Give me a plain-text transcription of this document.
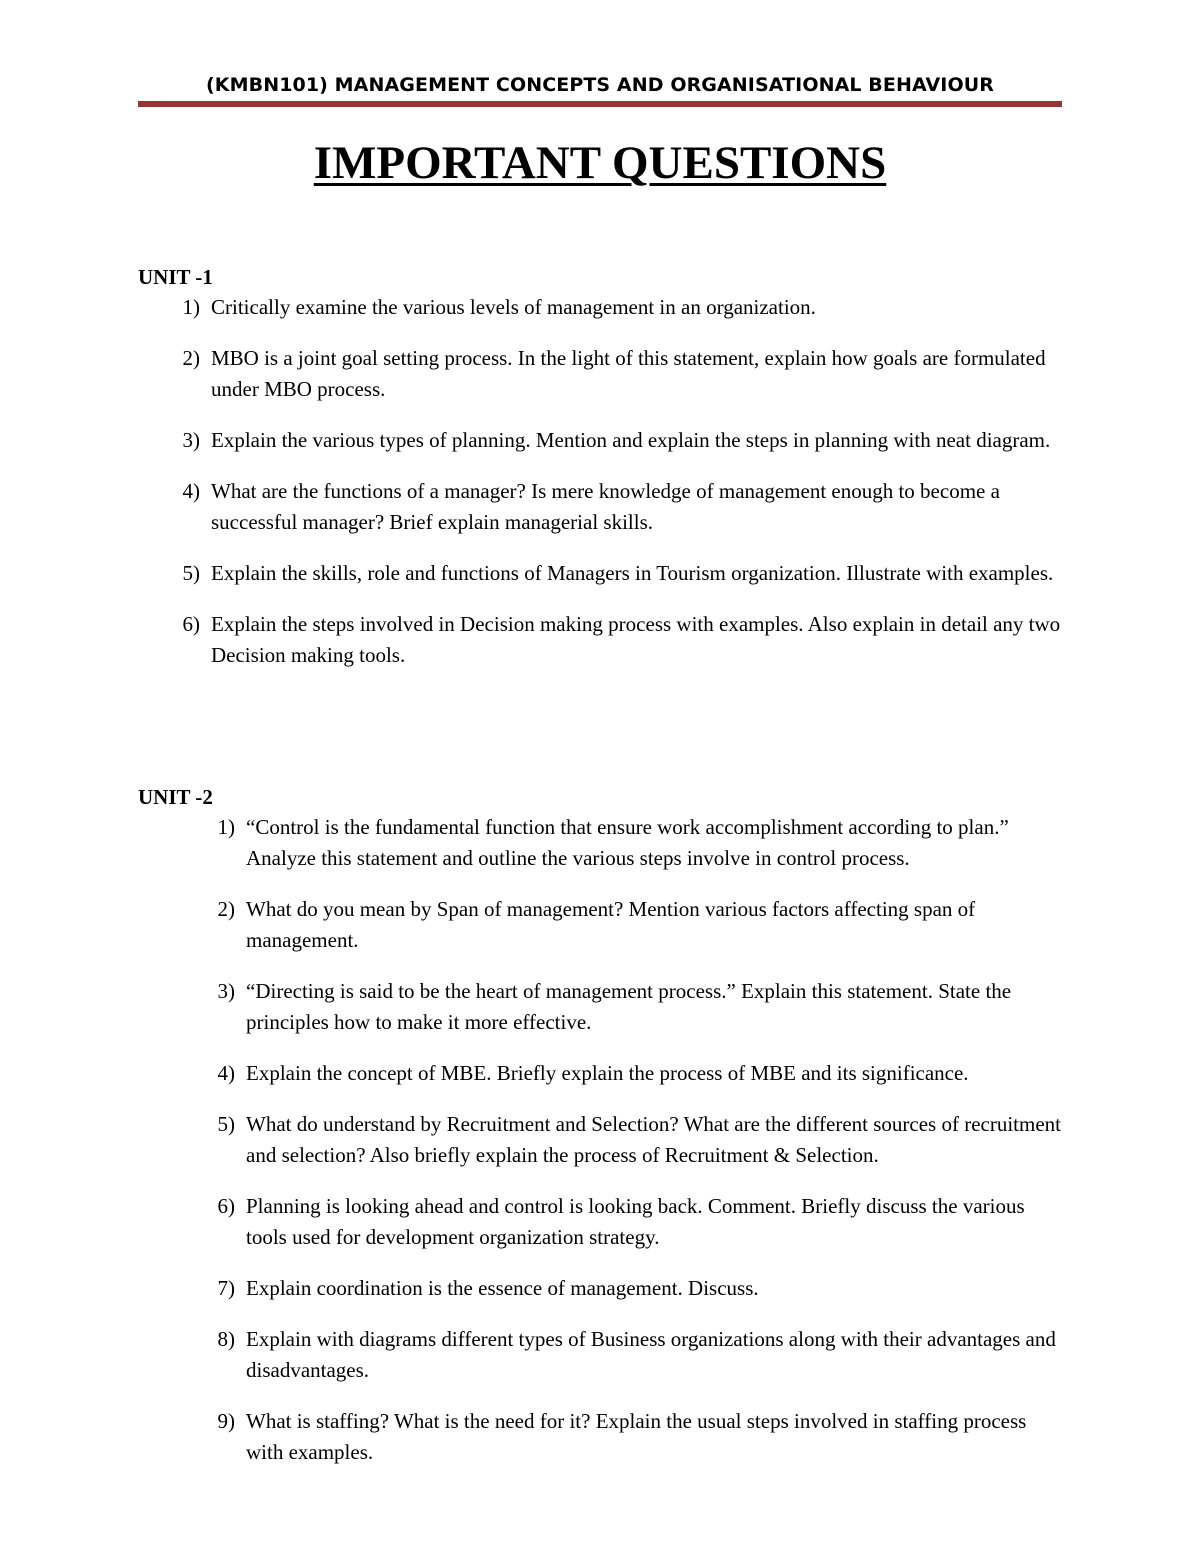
(KMBN101) MANAGEMENT CONCEPTS AND ORGANISATIONAL BEHAVIOUR
IMPORTANT QUESTIONS
UNIT -1
1) Critically examine the various levels of management in an organization.
2) MBO is a joint goal setting process. In the light of this statement, explain how goals are formulated under MBO process.
3) Explain the various types of planning. Mention and explain the steps in planning with neat diagram.
4) What are the functions of a manager? Is mere knowledge of management enough to become a successful manager? Brief explain managerial skills.
5) Explain the skills, role and functions of Managers in Tourism organization. Illustrate with examples.
6) Explain the steps involved in Decision making process with examples. Also explain in detail any two Decision making tools.
UNIT -2
1) “Control is the fundamental function that ensure work accomplishment according to plan.” Analyze this statement and outline the various steps involve in control process.
2) What do you mean by Span of management? Mention various factors affecting span of management.
3) “Directing is said to be the heart of management process.” Explain this statement. State the principles how to make it more effective.
4) Explain the concept of MBE. Briefly explain the process of MBE and its significance.
5) What do understand by Recruitment and Selection? What are the different sources of recruitment and selection? Also briefly explain the process of Recruitment & Selection.
6) Planning is looking ahead and control is looking back. Comment. Briefly discuss the various tools used for development organization strategy.
7) Explain coordination is the essence of management. Discuss.
8) Explain with diagrams different types of Business organizations along with their advantages and disadvantages.
9) What is staffing? What is the need for it? Explain the usual steps involved in staffing process with examples.
